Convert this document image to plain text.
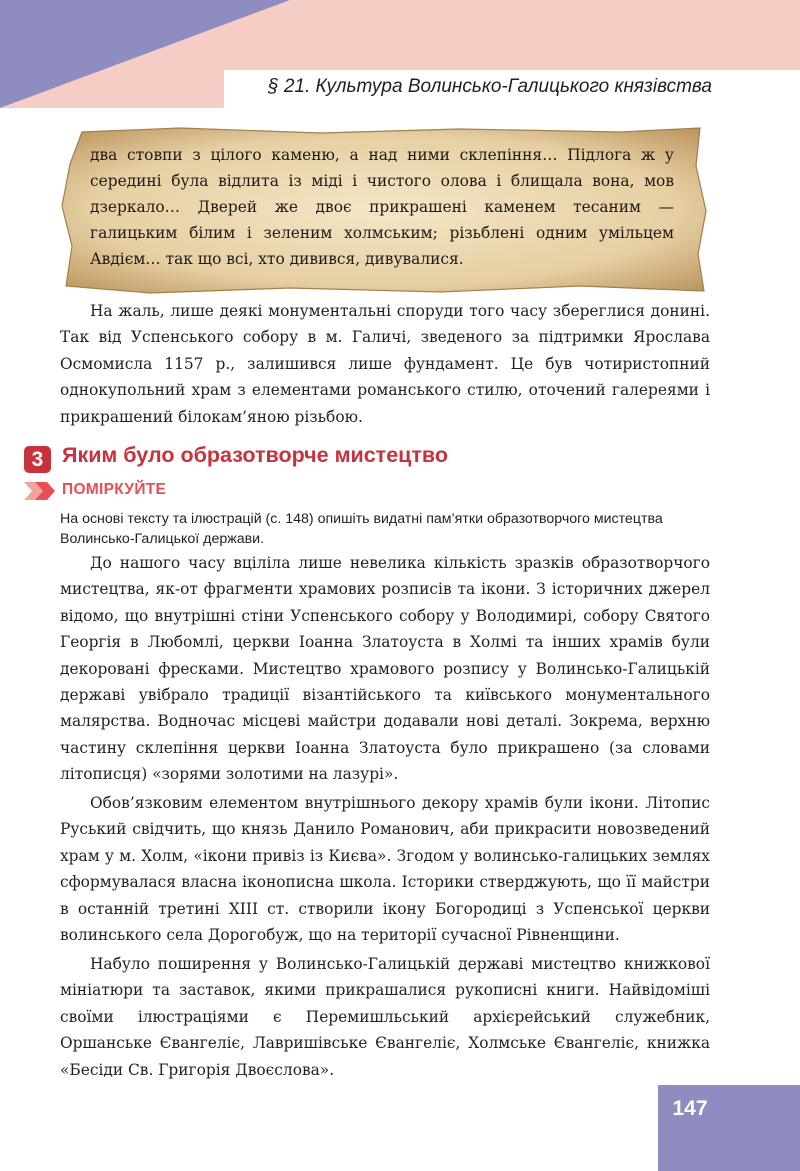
§ 21. Культура Волинсько-Галицького князівства
два стовпи з цілого каменю, а над ними склепіння… Підлога ж у середині була відлита із міді і чистого олова і блищала вона, мов дзеркало… Дверей же двоє прикрашені каменем тесаним — галицьким білим і зеленим холмським; різьблені одним умільцем Авдієм… так що всі, хто дивився, дивувалися.
На жаль, лише деякі монументальні споруди того часу збереглися донині. Так від Успенського собору в м. Галичі, зведеного за підтримки Ярослава Осмомисла 1157 р., залишився лише фундамент. Це був чотиристопний однокупольний храм з елементами романського стилю, оточений галереями і прикрашений білокам’яною різьбою.
3 Яким було образотворче мистецтво
ПОМІРКУЙТЕ
На основі тексту та ілюстрацій (с. 148) опишіть видатні пам’ятки образотворчого мистецтва Волинсько-Галицької держави.
До нашого часу вціліла лише невелика кількість зразків образотворчого мистецтва, як-от фрагменти храмових розписів та ікони. З історичних джерел відомо, що внутрішні стіни Успенського собору у Володимирі, собору Святого Георгія в Любомлі, церкви Іоанна Златоуста в Холмі та інших храмів були декоровані фресками. Мистецтво храмового розпису у Волинсько-Галицькій державі увібрало традиції візантійського та київського монументального малярства. Водночас місцеві майстри додавали нові деталі. Зокрема, верхню частину склепіння церкви Іоанна Златоуста було прикрашено (за словами літописця) «зорями золотими на лазурі».
Обов’язковим елементом внутрішнього декору храмів були ікони. Літопис Руський свідчить, що князь Данило Романович, аби прикрасити новозведений храм у м. Холм, «ікони привіз із Києва». Згодом у волинсько-галицьких землях сформувалася власна іконописна школа. Історики стверджують, що її майстри в останній третині XIII ст. створили ікону Богородиці з Успенської церкви волинського села Дорогобуж, що на території сучасної Рівненщини.
Набуло поширення у Волинсько-Галицькій державі мистецтво книжкової мініатюри та заставок, якими прикрашалися рукописні книги. Найвідоміші своїми ілюстраціями є Перемишльський архієрейський служебник, Оршанське Євангеліє, Лавришівське Євангеліє, Холмське Євангеліє, книжка «Бесіди Св. Григорія Двоєслова».
147
